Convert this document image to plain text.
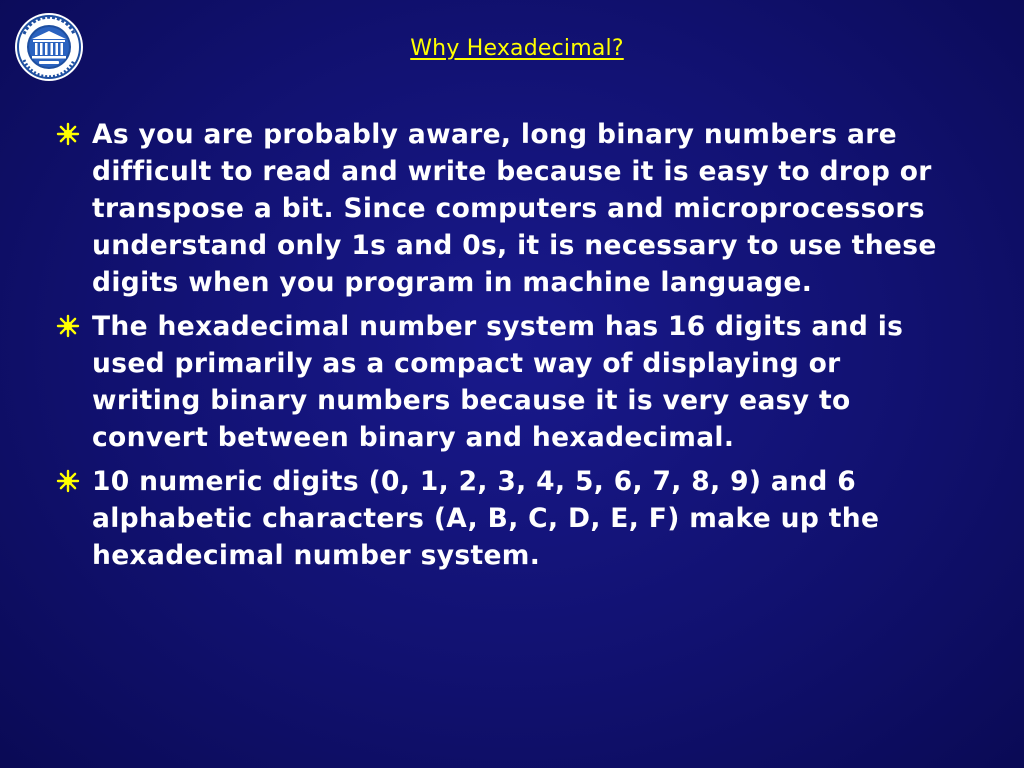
Why Hexadecimal?
As you are probably aware, long binary numbers are difficult to read and write because it is easy to drop or transpose a bit. Since computers and microprocessors understand only 1s and 0s, it is necessary to use these digits when you program in machine language.
The hexadecimal number system has 16 digits and is used primarily as a compact way of displaying or writing binary numbers because it is very easy to convert between binary and hexadecimal.
10 numeric digits (0, 1, 2, 3, 4, 5, 6, 7, 8, 9) and 6 alphabetic characters (A, B, C, D, E, F) make up the hexadecimal number system.
